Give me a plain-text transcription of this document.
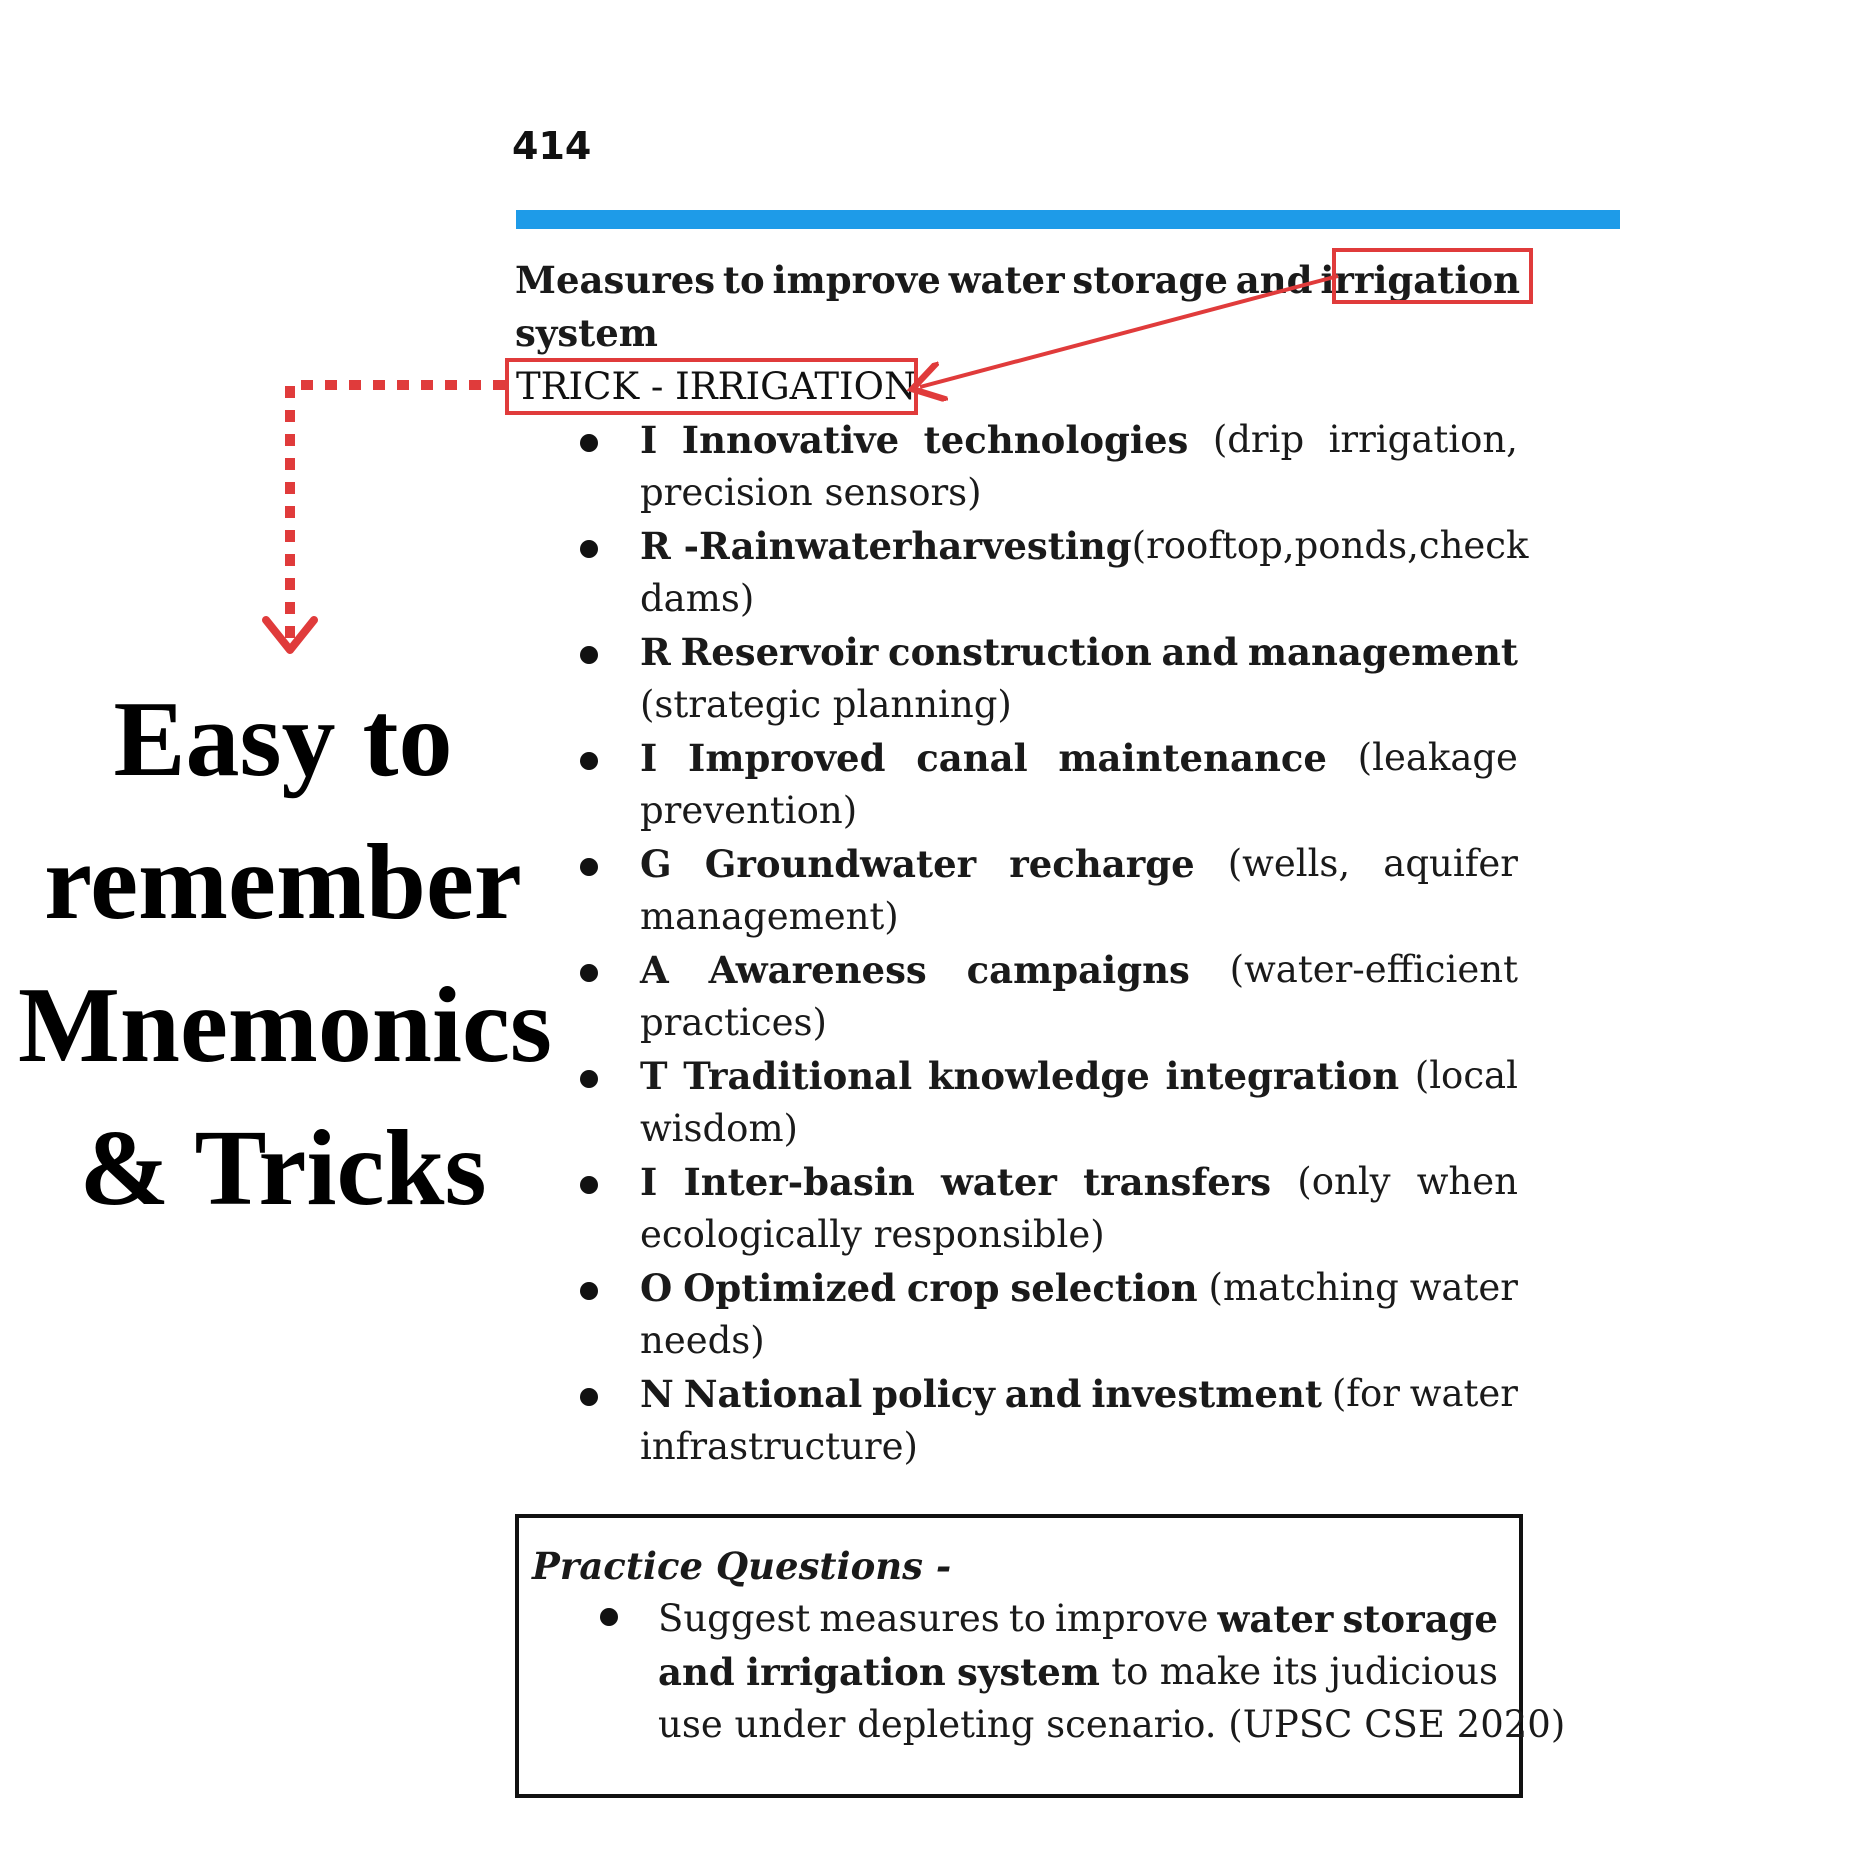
414
Measures to improve water storage and irrigation
system
TRICK - IRRIGATION
I Innovative technologies (drip irrigation,
precision sensors)
R - Rainwater harvesting (rooftop, ponds, check
dams)
R Reservoir construction and management
(strategic planning)
I Improved canal maintenance (leakage
prevention)
G Groundwater recharge (wells, aquifer
management)
A Awareness campaigns (water-efficient
practices)
T Traditional knowledge integration (local
wisdom)
I Inter-basin water transfers (only when
ecologically responsible)
O Optimized crop selection (matching water
needs)
N National policy and investment (for water
infrastructure)
Easy to
remember
Mnemonics
& Tricks
Practice Questions -
Suggest measures to improve water storage
and irrigation system to make its judicious
use under depleting scenario. (UPSC CSE 2020)
